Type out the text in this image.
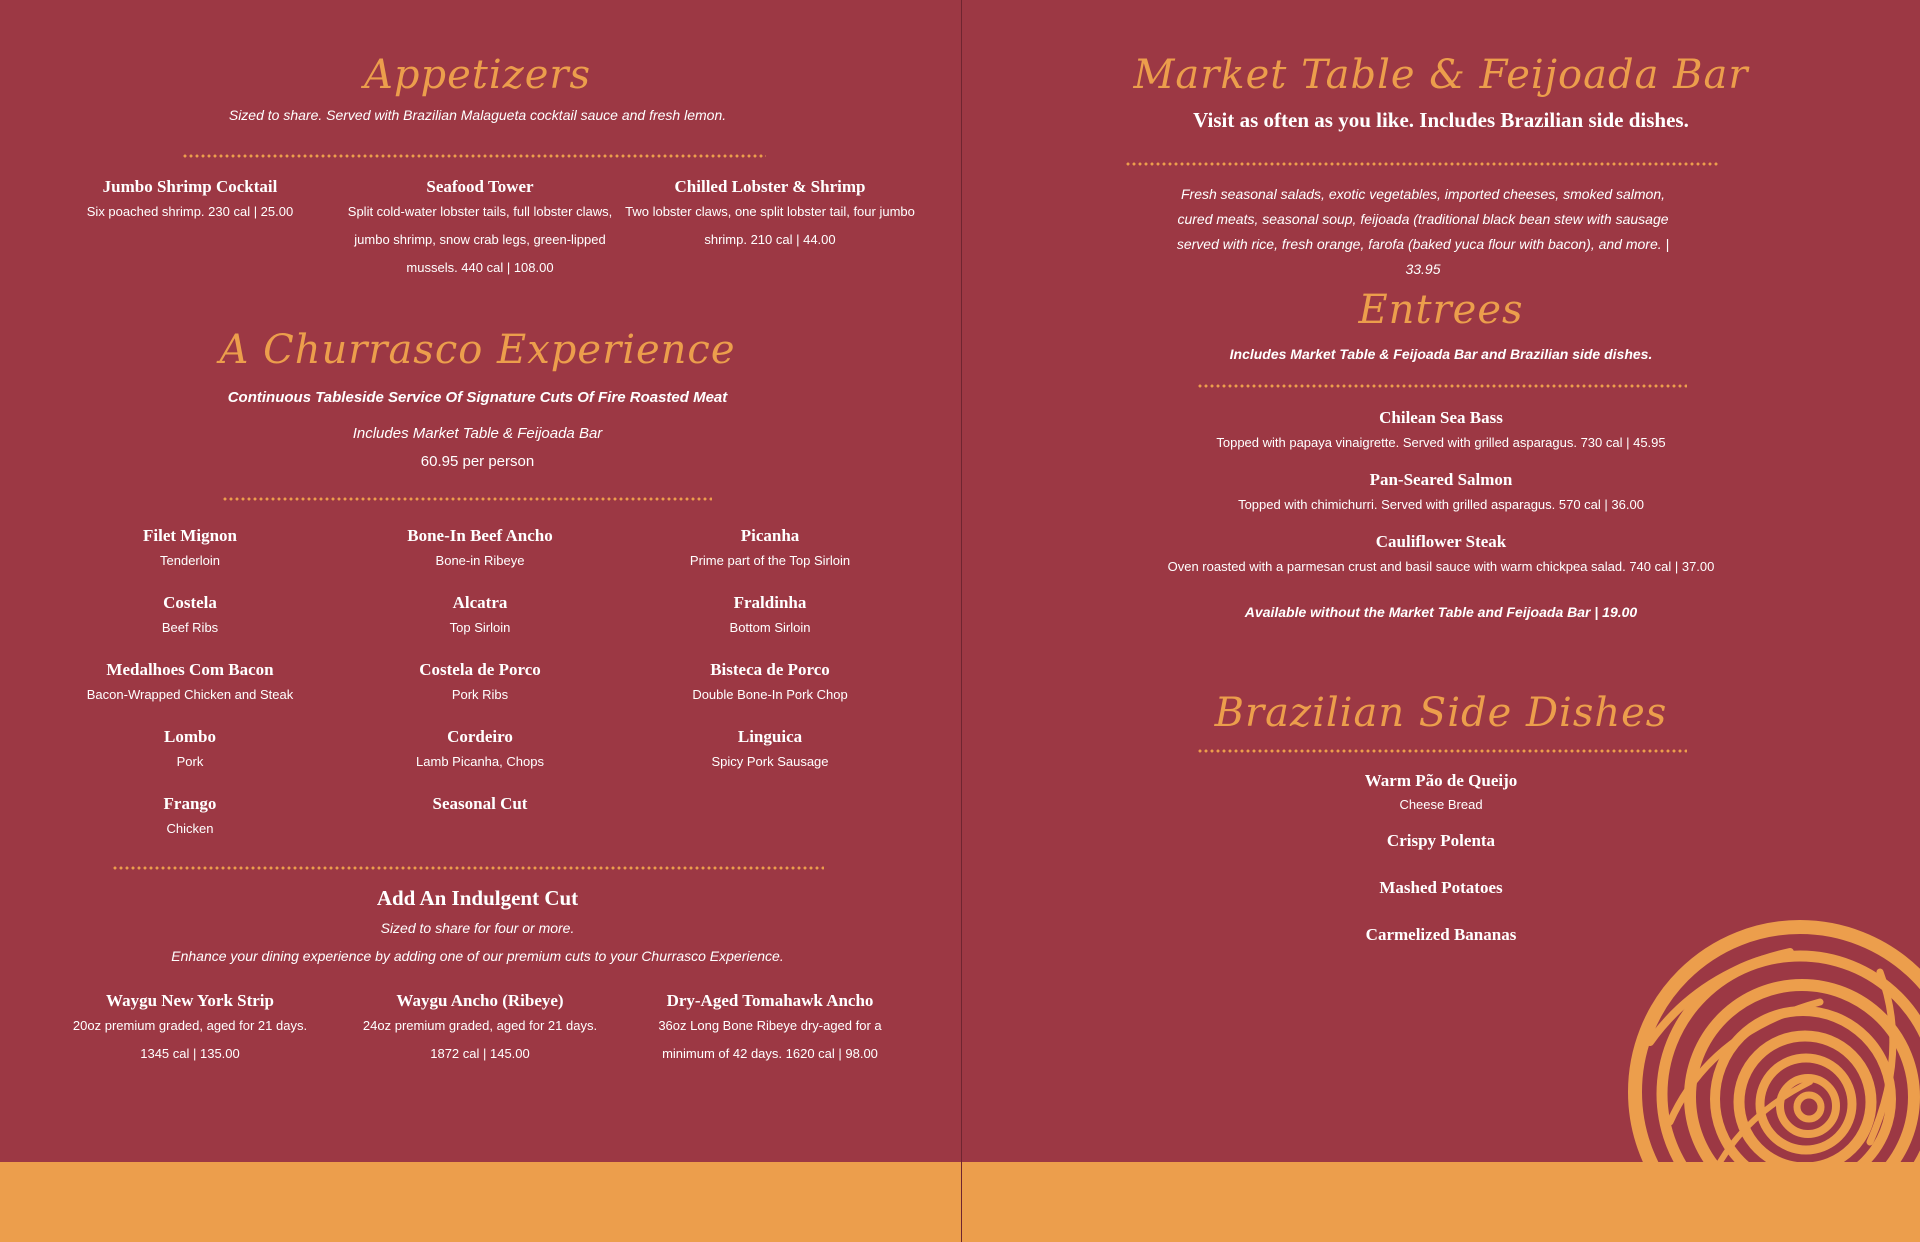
Appetizers
Sized to share. Served with Brazilian Malagueta cocktail sauce and fresh lemon.
Jumbo Shrimp Cocktail
Six poached shrimp. 230 cal | 25.00
Seafood Tower
Split cold-water lobster tails, full lobster claws, jumbo shrimp, snow crab legs, green-lipped mussels. 440 cal | 108.00
Chilled Lobster & Shrimp
Two lobster claws, one split lobster tail, four jumbo shrimp. 210 cal | 44.00
A Churrasco Experience
Continuous Tableside Service Of Signature Cuts Of Fire Roasted Meat
Includes Market Table & Feijoada Bar
60.95 per person
Filet Mignon
Tenderloin
Bone-In Beef Ancho
Bone-in Ribeye
Picanha
Prime part of the Top Sirloin
Costela
Beef Ribs
Alcatra
Top Sirloin
Fraldinha
Bottom Sirloin
Medalhoes Com Bacon
Bacon-Wrapped Chicken and Steak
Costela de Porco
Pork Ribs
Bisteca de Porco
Double Bone-In Pork Chop
Lombo
Pork
Cordeiro
Lamb Picanha, Chops
Linguica
Spicy Pork Sausage
Frango
Chicken
Seasonal Cut
Add An Indulgent Cut
Sized to share for four or more.
Enhance your dining experience by adding one of our premium cuts to your Churrasco Experience.
Waygu New York Strip
20oz premium graded, aged for 21 days. 1345 cal | 135.00
Waygu Ancho (Ribeye)
24oz premium graded, aged for 21 days. 1872 cal | 145.00
Dry-Aged Tomahawk Ancho
36oz Long Bone Ribeye dry-aged for a minimum of 42 days. 1620 cal | 98.00
Market Table & Feijoada Bar
Visit as often as you like. Includes Brazilian side dishes.
Fresh seasonal salads, exotic vegetables, imported cheeses, smoked salmon, cured meats, seasonal soup, feijoada (traditional black bean stew with sausage served with rice, fresh orange, farofa (baked yuca flour with bacon), and more. | 33.95
Entrees
Includes Market Table & Feijoada Bar and Brazilian side dishes.
Chilean Sea Bass
Topped with papaya vinaigrette. Served with grilled asparagus. 730 cal | 45.95
Pan-Seared Salmon
Topped with chimichurri. Served with grilled asparagus. 570 cal | 36.00
Cauliflower Steak
Oven roasted with a parmesan crust and basil sauce with warm chickpea salad. 740 cal | 37.00
Available without the Market Table and Feijoada Bar | 19.00
Brazilian Side Dishes
Warm Pão de Queijo
Cheese Bread
Crispy Polenta
Mashed Potatoes
Carmelized Bananas
